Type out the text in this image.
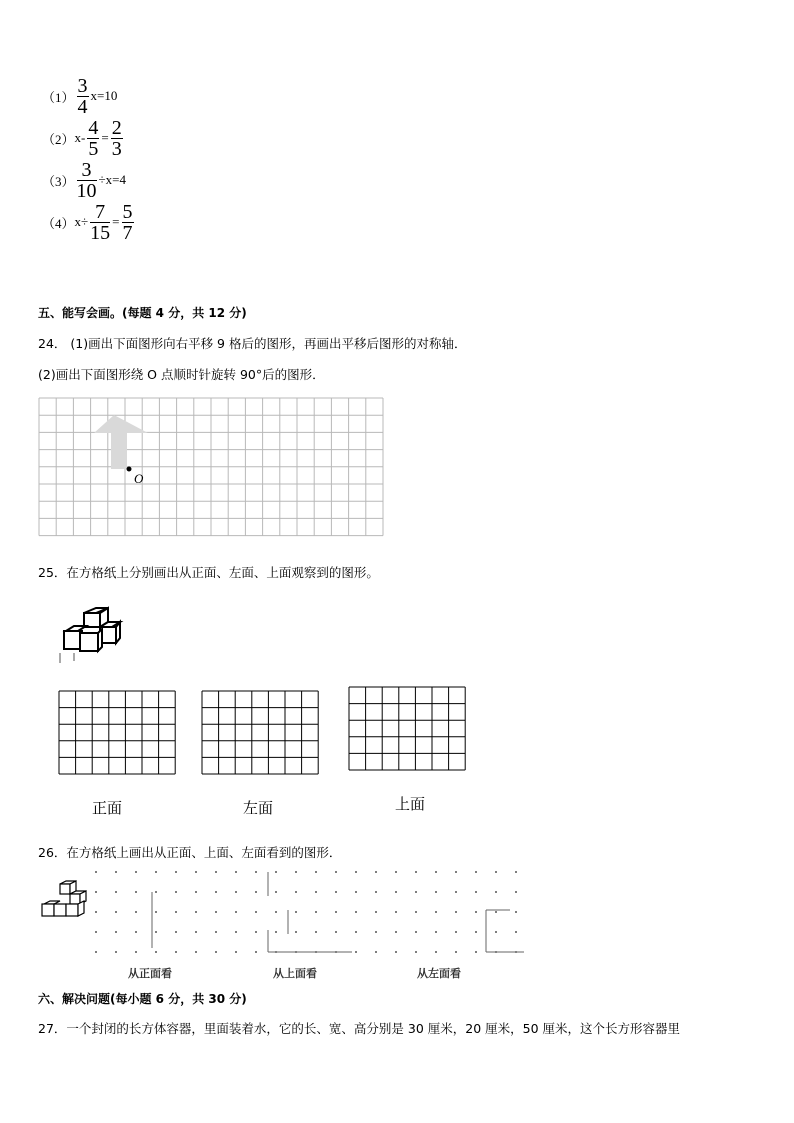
$(1) \frac{3}{4} x=10$
（2） $x- \frac{4}{5} = \frac{2}{3}$
$(3) \frac{3}{10} \div x=4$
（4） $x\div \frac{7}{15} = \frac{5}{7}$
五、能写会画。(每题 4 分，共 12 分)
24． (1)画出下面图形向右平移 9 格后的图形，再画出平移后图形的对称轴．
(2)画出下面图形绕 O 点顺时针旋转 90°后的图形．
O
25．在方格纸上分别画出从正面、左面、上面观察到的图形。
正面	左面	上面
26．在方格纸上画出从正面、上面、左面看到的图形．
从正面看	从上面看	从左面看
六、解决问题(每小题 6 分，共 30 分)
27．一个封闭的长方体容器，里面装着水，它的长、宽、高分别是 30 厘米，20 厘米，50 厘米，这个长方形容器里
